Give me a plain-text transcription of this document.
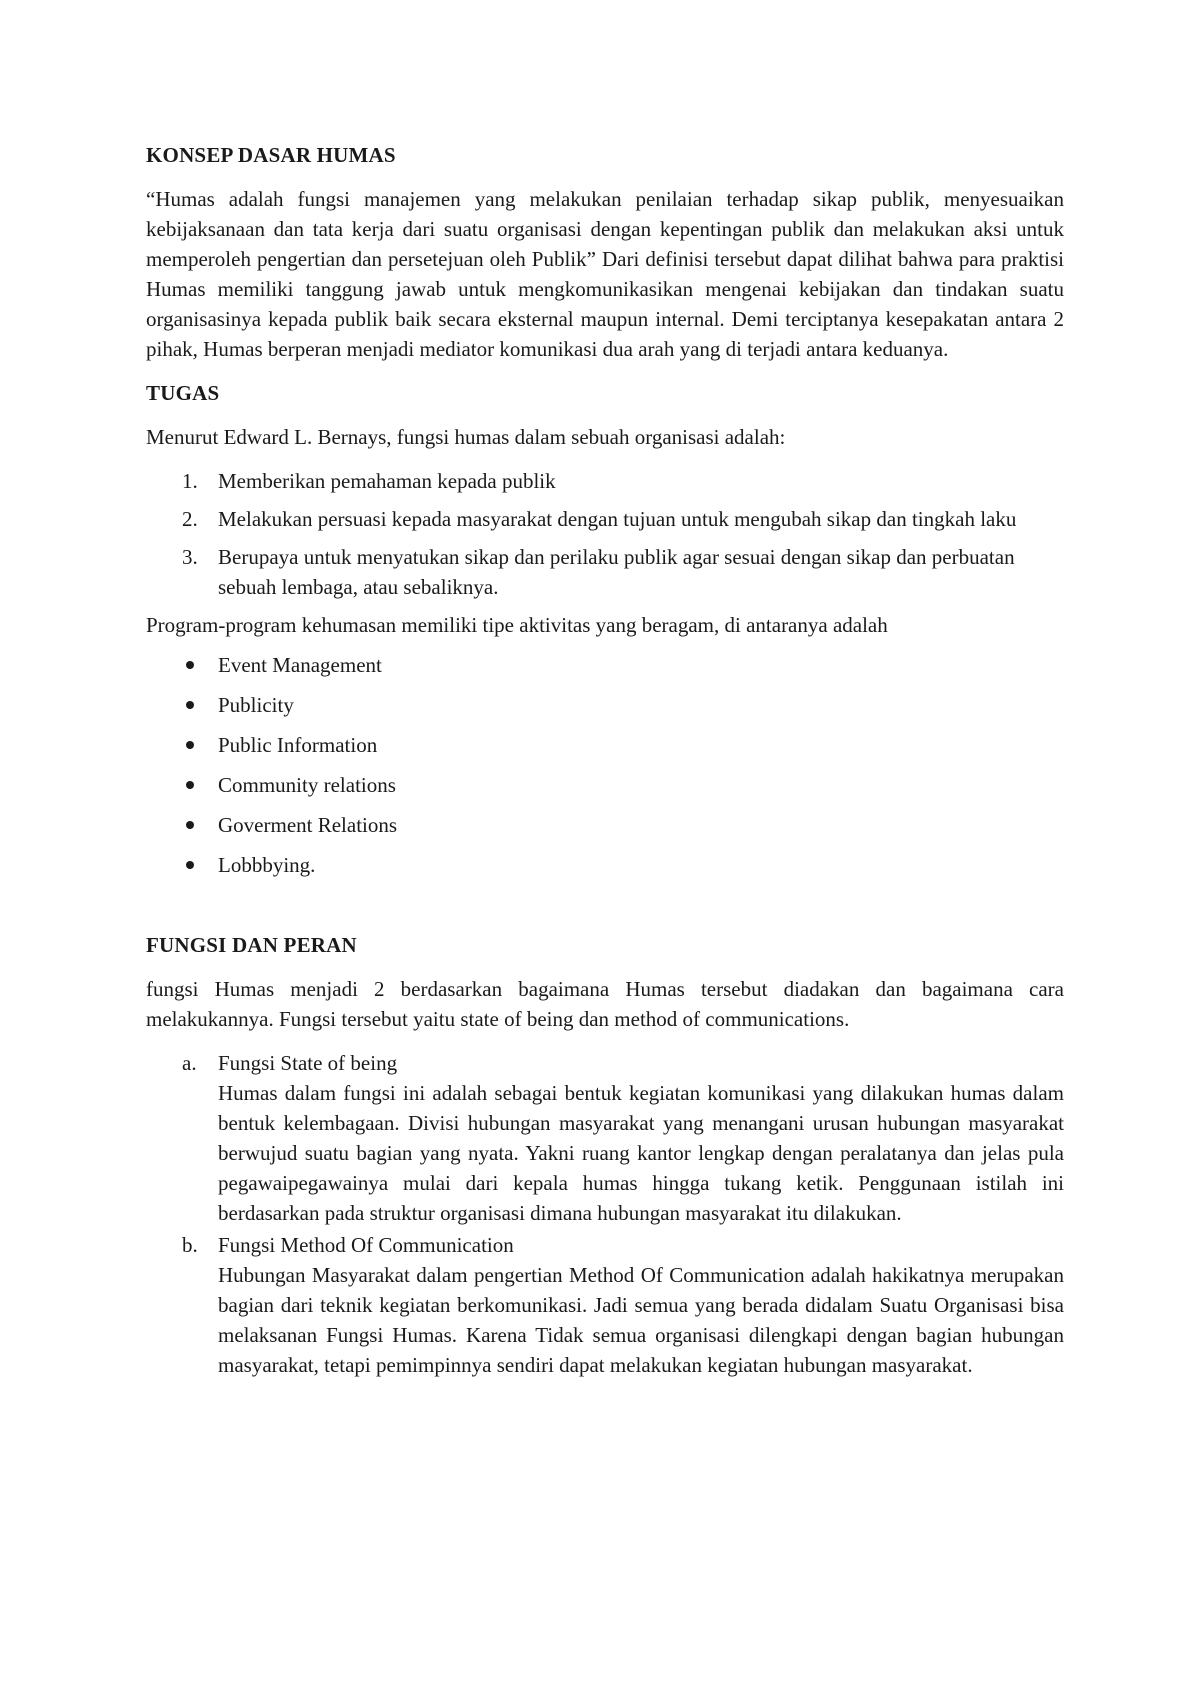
KONSEP DASAR HUMAS

“Humas adalah fungsi manajemen yang melakukan penilaian terhadap sikap publik, menyesuaikan kebijaksanaan dan tata kerja dari suatu organisasi dengan kepentingan publik dan melakukan aksi untuk memperoleh pengertian dan persetejuan oleh Publik” Dari definisi tersebut dapat dilihat bahwa para praktisi Humas memiliki tanggung jawab untuk mengkomunikasikan mengenai kebijakan dan tindakan suatu organisasinya kepada publik baik secara eksternal maupun internal. Demi terciptanya kesepakatan antara 2 pihak, Humas berperan menjadi mediator komunikasi dua arah yang di terjadi antara keduanya.

TUGAS

Menurut Edward L. Bernays, fungsi humas dalam sebuah organisasi adalah:

1. Memberikan pemahaman kepada publik
2. Melakukan persuasi kepada masyarakat dengan tujuan untuk mengubah sikap dan tingkah laku
3. Berupaya untuk menyatukan sikap dan perilaku publik agar sesuai dengan sikap dan perbuatan sebuah lembaga, atau sebaliknya.

Program-program kehumasan memiliki tipe aktivitas yang beragam, di antaranya adalah

Event Management
Publicity
Public Information
Community relations
Goverment Relations
Lobbbying.
FUNGSI DAN PERAN

fungsi Humas menjadi 2 berdasarkan bagaimana Humas tersebut diadakan dan bagaimana cara melakukannya. Fungsi tersebut yaitu state of being dan method of communications.

a. Fungsi State of being
Humas dalam fungsi ini adalah sebagai bentuk kegiatan komunikasi yang dilakukan humas dalam bentuk kelembagaan. Divisi hubungan masyarakat yang menangani urusan hubungan masyarakat berwujud suatu bagian yang nyata. Yakni ruang kantor lengkap dengan peralatanya dan jelas pula pegawaipegawainya mulai dari kepala humas hingga tukang ketik. Penggunaan istilah ini berdasarkan pada struktur organisasi dimana hubungan masyarakat itu dilakukan.
b. Fungsi Method Of Communication
Hubungan Masyarakat dalam pengertian Method Of Communication adalah hakikatnya merupakan bagian dari teknik kegiatan berkomunikasi. Jadi semua yang berada didalam Suatu Organisasi bisa melaksanan Fungsi Humas. Karena Tidak semua organisasi dilengkapi dengan bagian hubungan masyarakat, tetapi pemimpinnya sendiri dapat melakukan kegiatan hubungan masyarakat.
